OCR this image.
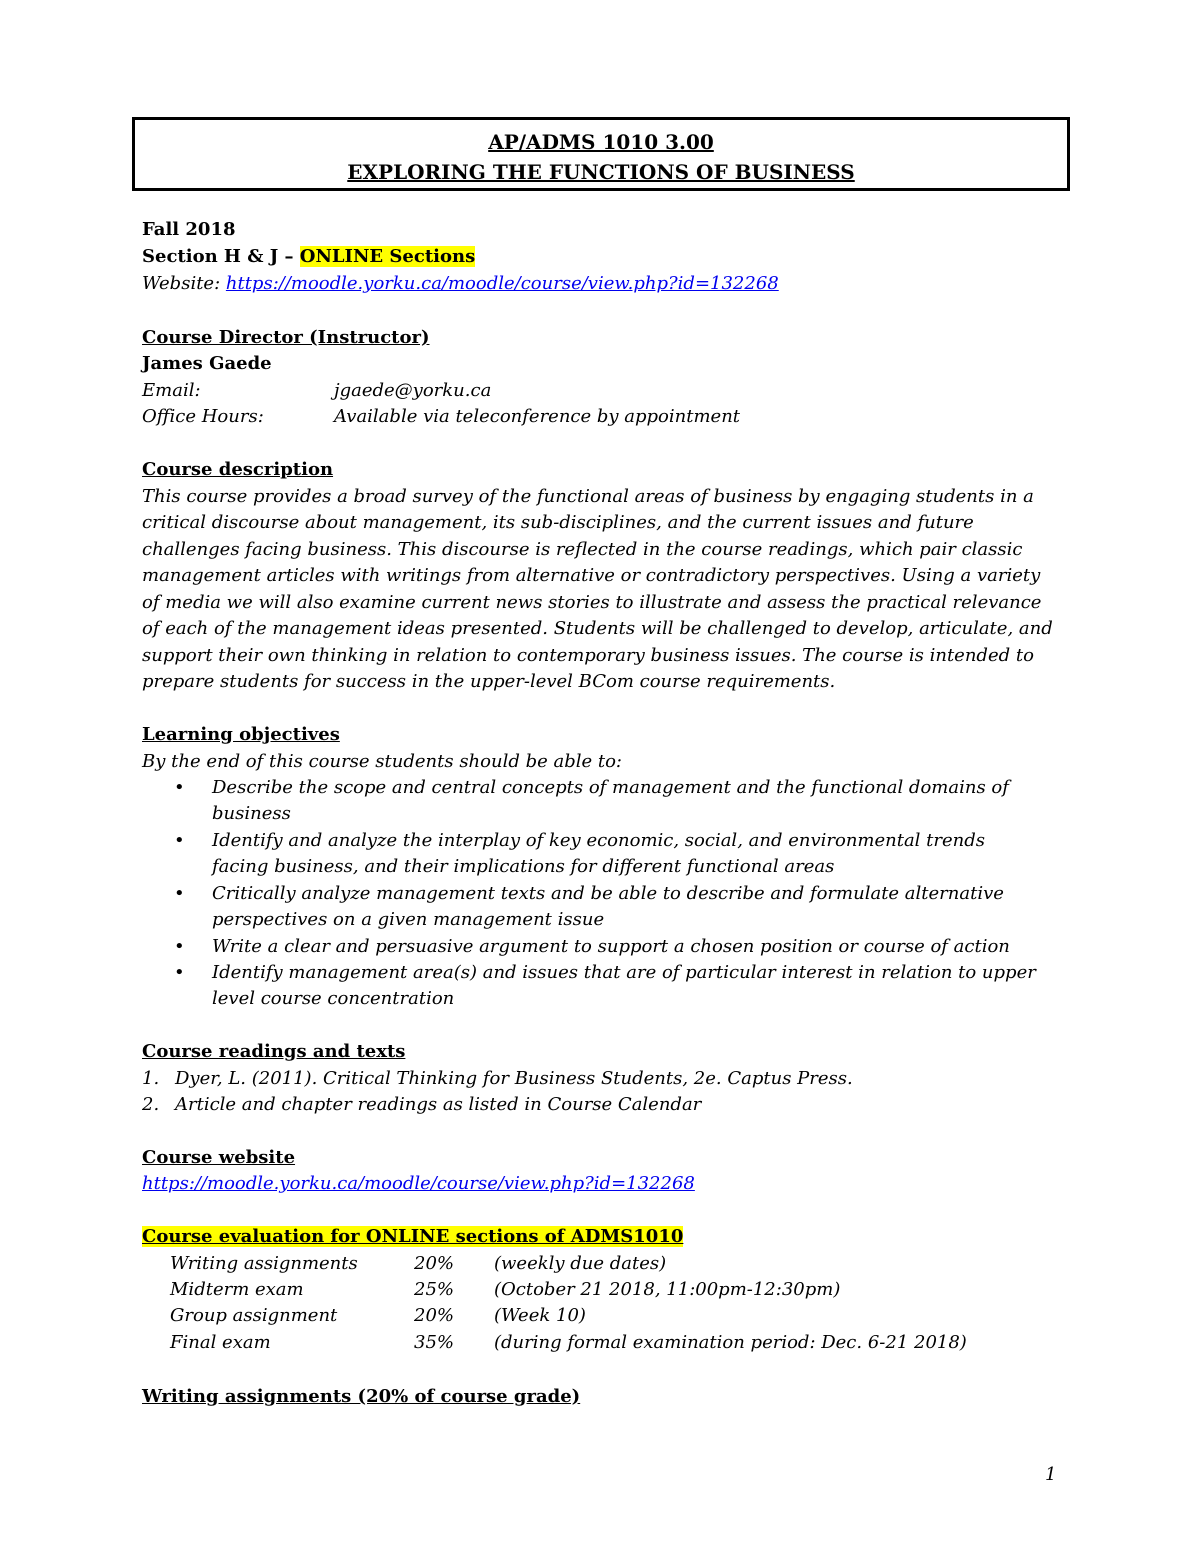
AP/ADMS 1010 3.00
EXPLORING THE FUNCTIONS OF BUSINESS
Fall 2018
Section H & J – ONLINE Sections
Website: https://moodle.yorku.ca/moodle/course/view.php?id=132268
Course Director (Instructor)
James Gaede
Email:	jgaede@yorku.ca
Office Hours:	Available via teleconference by appointment
Course description
This course provides a broad survey of the functional areas of business by engaging students in a
critical discourse about management, its sub-disciplines, and the current issues and future
challenges facing business. This discourse is reflected in the course readings, which pair classic
management articles with writings from alternative or contradictory perspectives. Using a variety
of media we will also examine current news stories to illustrate and assess the practical relevance
of each of the management ideas presented. Students will be challenged to develop, articulate, and
support their own thinking in relation to contemporary business issues. The course is intended to
prepare students for success in the upper-level BCom course requirements.
Learning objectives
By the end of this course students should be able to:
• Describe the scope and central concepts of management and the functional domains of
business
• Identify and analyze the interplay of key economic, social, and environmental trends
facing business, and their implications for different functional areas
• Critically analyze management texts and be able to describe and formulate alternative
perspectives on a given management issue
• Write a clear and persuasive argument to support a chosen position or course of action
• Identify management area(s) and issues that are of particular interest in relation to upper
level course concentration
Course readings and texts
1. Dyer, L. (2011). Critical Thinking for Business Students, 2e. Captus Press.
2. Article and chapter readings as listed in Course Calendar
Course website
https://moodle.yorku.ca/moodle/course/view.php?id=132268
Course evaluation for ONLINE sections of ADMS1010
Writing assignments	20% (weekly due dates)
Midterm exam	25% (October 21 2018, 11:00pm-12:30pm)
Group assignment	20% (Week 10)
Final exam	35% (during formal examination period: Dec. 6-21 2018)
Writing assignments (20% of course grade)
1
